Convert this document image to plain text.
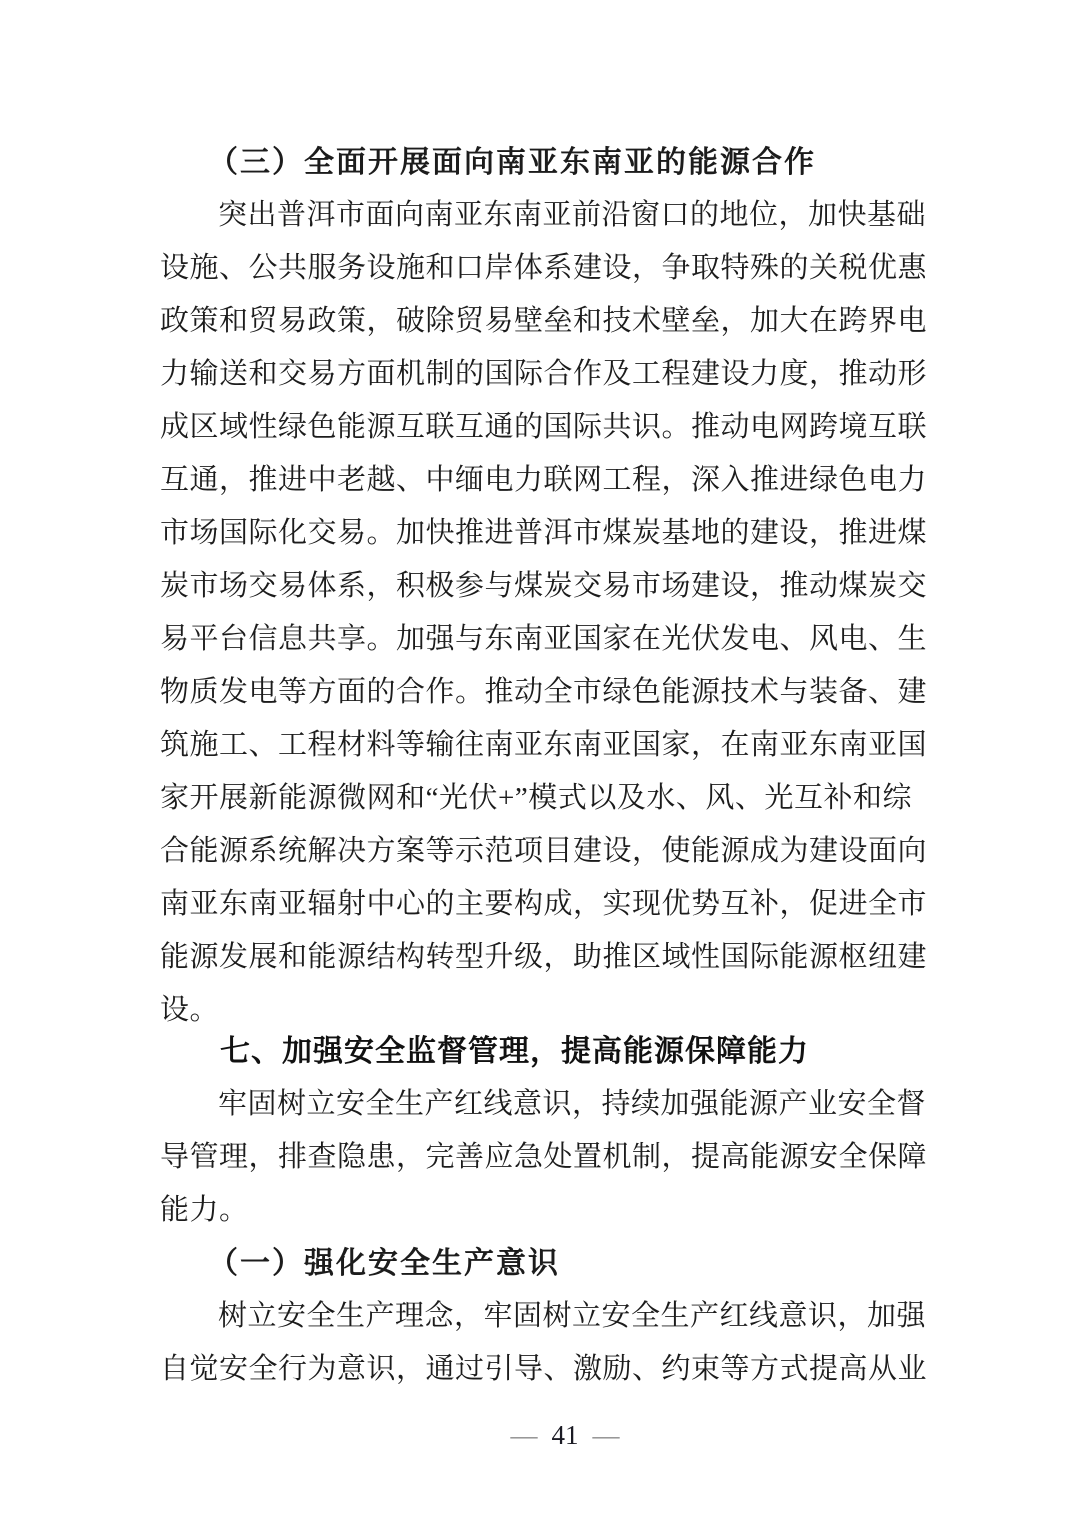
（三）全面开展面向南亚东南亚的能源合作
突出普洱市面向南亚东南亚前沿窗口的地位，加快基础
设施、公共服务设施和口岸体系建设，争取特殊的关税优惠
政策和贸易政策，破除贸易壁垒和技术壁垒，加大在跨界电
力输送和交易方面机制的国际合作及工程建设力度，推动形
成区域性绿色能源互联互通的国际共识。推动电网跨境互联
互通，推进中老越、中缅电力联网工程，深入推进绿色电力
市场国际化交易。加快推进普洱市煤炭基地的建设，推进煤
炭市场交易体系，积极参与煤炭交易市场建设，推动煤炭交
易平台信息共享。加强与东南亚国家在光伏发电、风电、生
物质发电等方面的合作。推动全市绿色能源技术与装备、建
筑施工、工程材料等输往南亚东南亚国家，在南亚东南亚国
家开展新能源微网和“光伏+”模式以及水、风、光互补和综
合能源系统解决方案等示范项目建设，使能源成为建设面向
南亚东南亚辐射中心的主要构成，实现优势互补，促进全市
能源发展和能源结构转型升级，助推区域性国际能源枢纽建
设。
七、加强安全监督管理，提高能源保障能力
牢固树立安全生产红线意识，持续加强能源产业安全督
导管理，排查隐患，完善应急处置机制，提高能源安全保障
能力。
（一）强化安全生产意识
树立安全生产理念，牢固树立安全生产红线意识，加强
自觉安全行为意识，通过引导、激励、约束等方式提高从业
— 41 —
